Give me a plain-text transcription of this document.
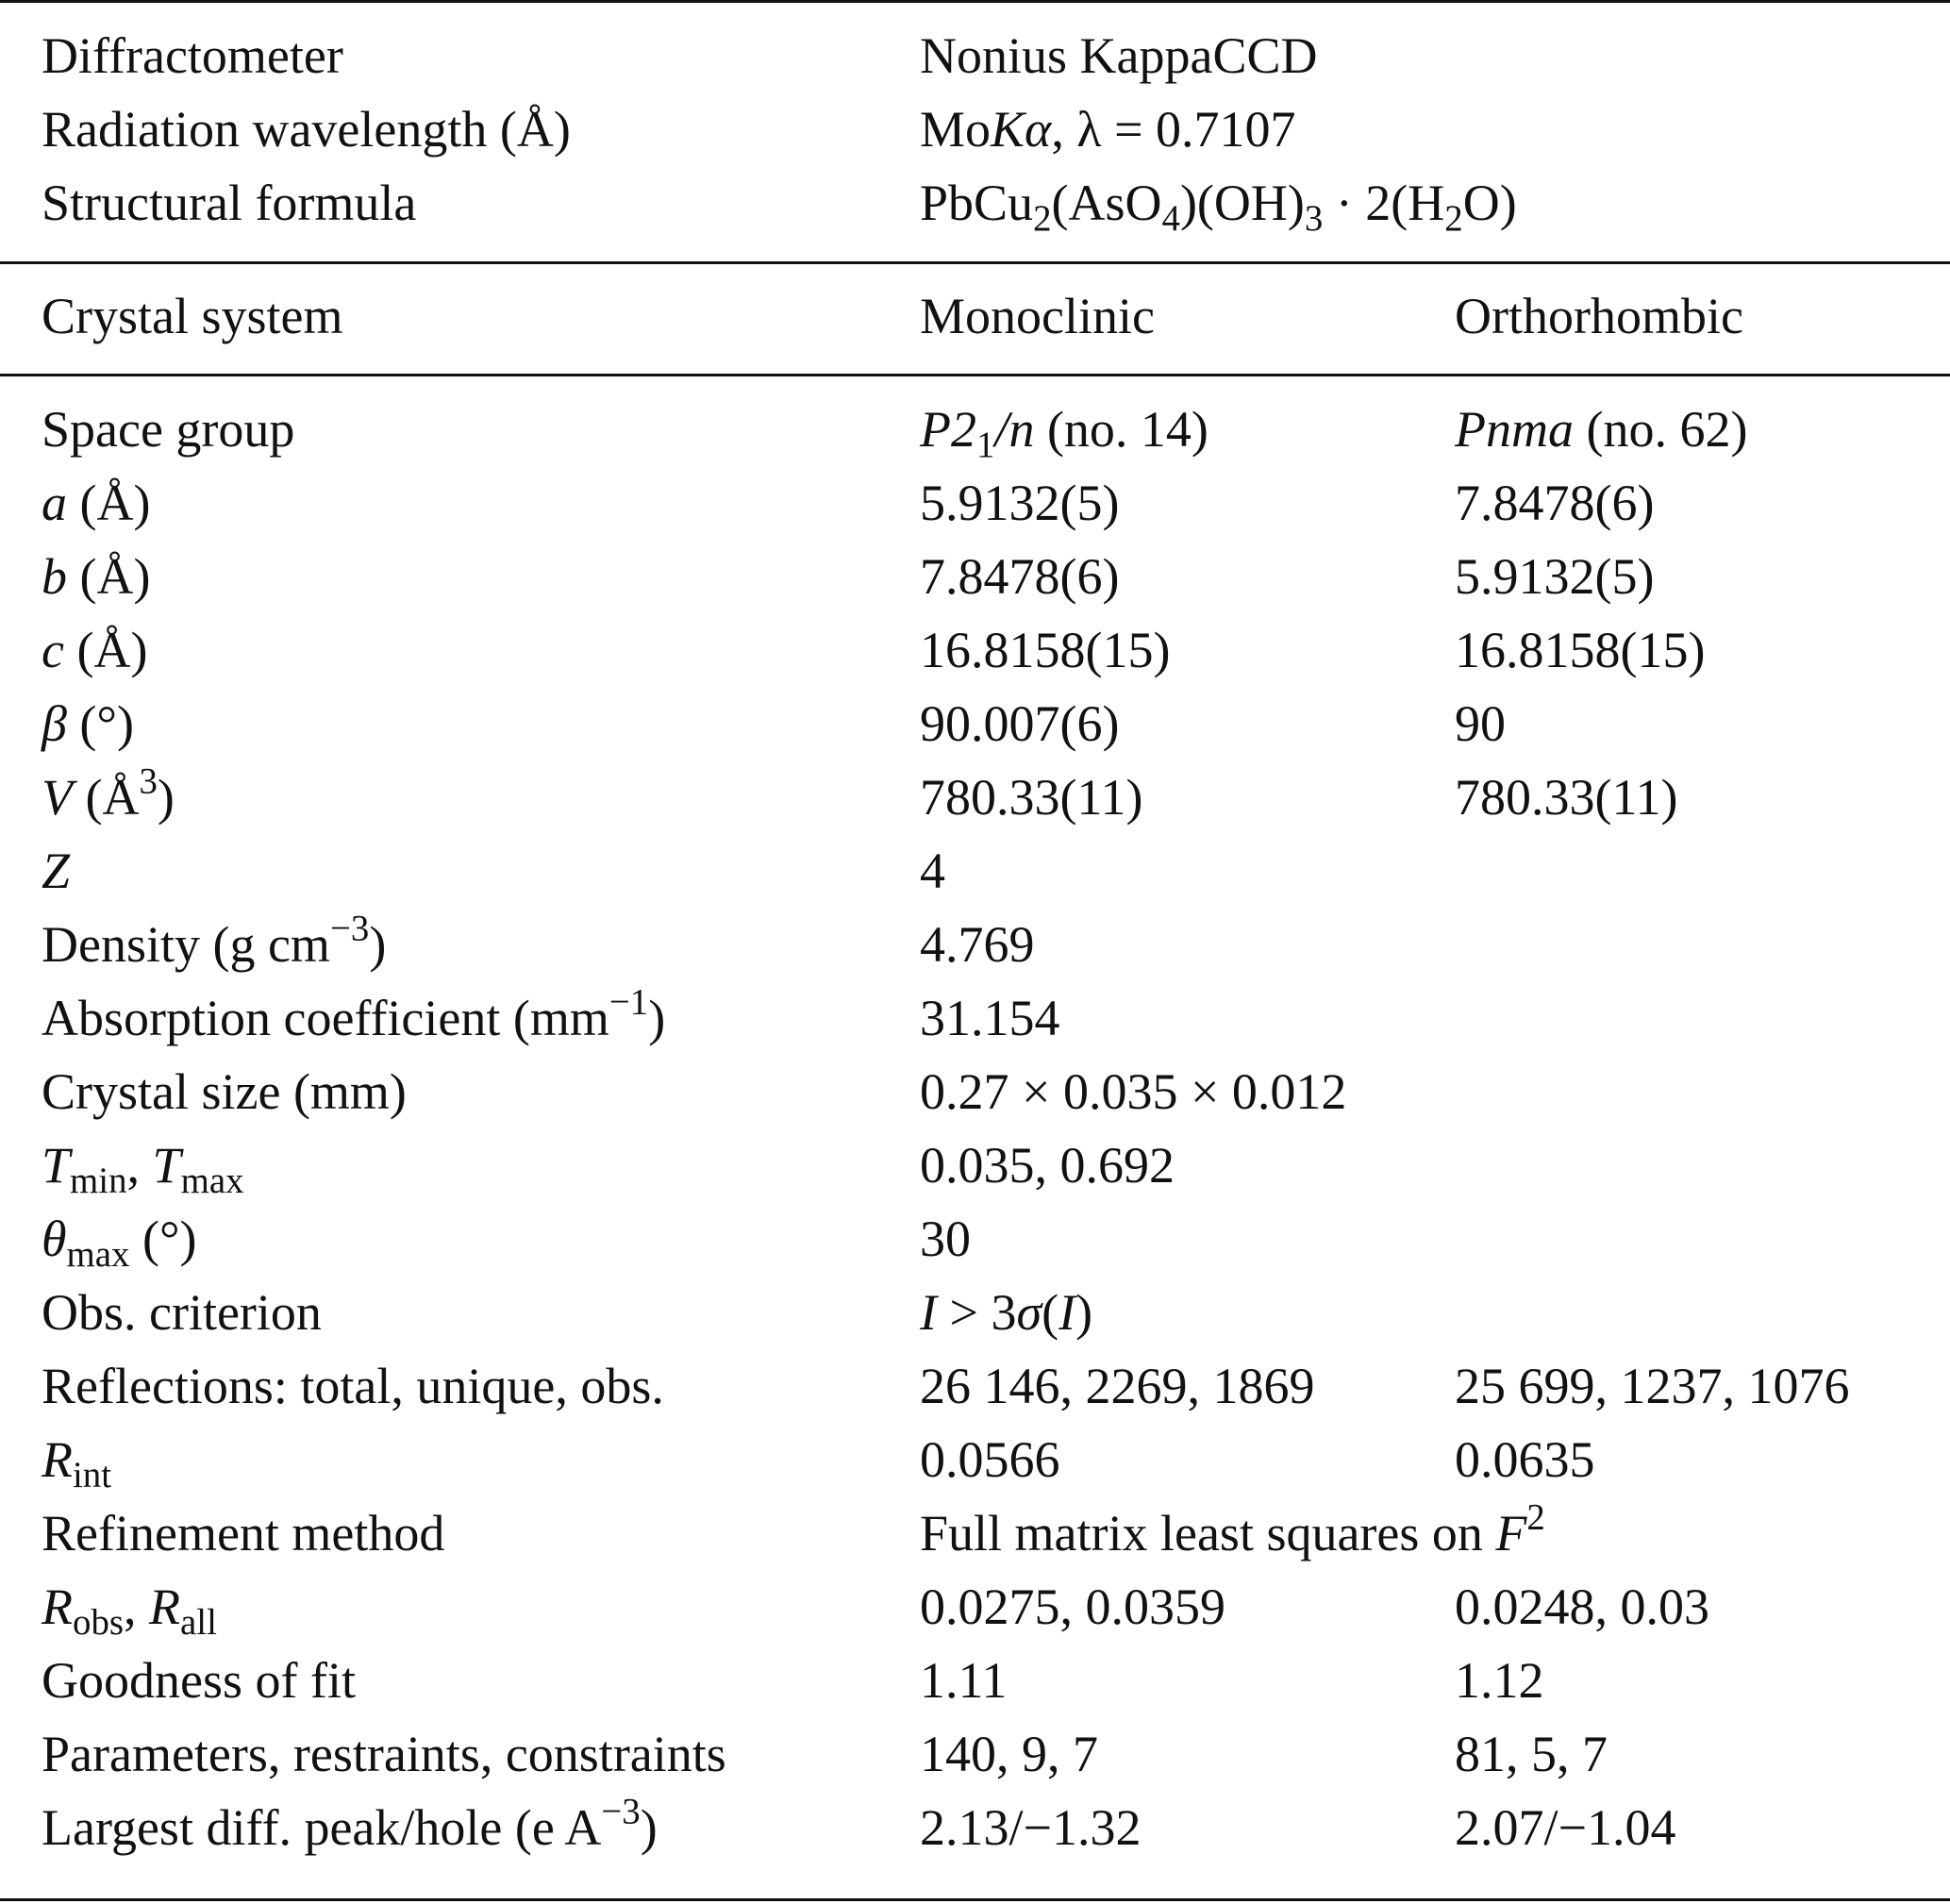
Diffractometer	Nonius KappaCCD
Radiation wavelength (Å)	MoKα, λ = 0.7107
Structural formula	$PbCu_2(AsO_4)(OH)_3 \cdot 2(H_2O)$
Crystal system	Monoclinic	Orthorhombic
Space group	$P2_1/n$ (no. 14)	Pnma (no. 62)
a (Å)	5.9132(5)	7.8478(6)
b (Å)	7.8478(6)	5.9132(5)
c (Å)	16.8158(15)	16.8158(15)
β (°)	90.007(6)	90
V $(Å^3)$	780.33(11)	780.33(11)
Z	4
Density (g $cm^{-3}$)	4.769
Absorption coefficient $(mm^{-1})$	31.154
Crystal size (mm)	0.27 × 0.035 × 0.012
$T_{min}$, $T_{max}$	0.035, 0.692
$\theta_{max}$ (°)	30
Obs. criterion	I > 3σ(I)
Reflections: total, unique, obs.	26 146, 2269, 1869	25 699, 1237, 1076
$R_{int}$	0.0566	0.0635
Refinement method	Full matrix least squares on $F^2$
$R_{obs}$, $R_{all}$	0.0275, 0.0359	0.0248, 0.03
Goodness of fit	1.11	1.12
Parameters, restraints, constraints	140, 9, 7	81, 5, 7
Largest diff. peak/hole (e $A^{-3}$)	2.13/−1.32	2.07/−1.04
